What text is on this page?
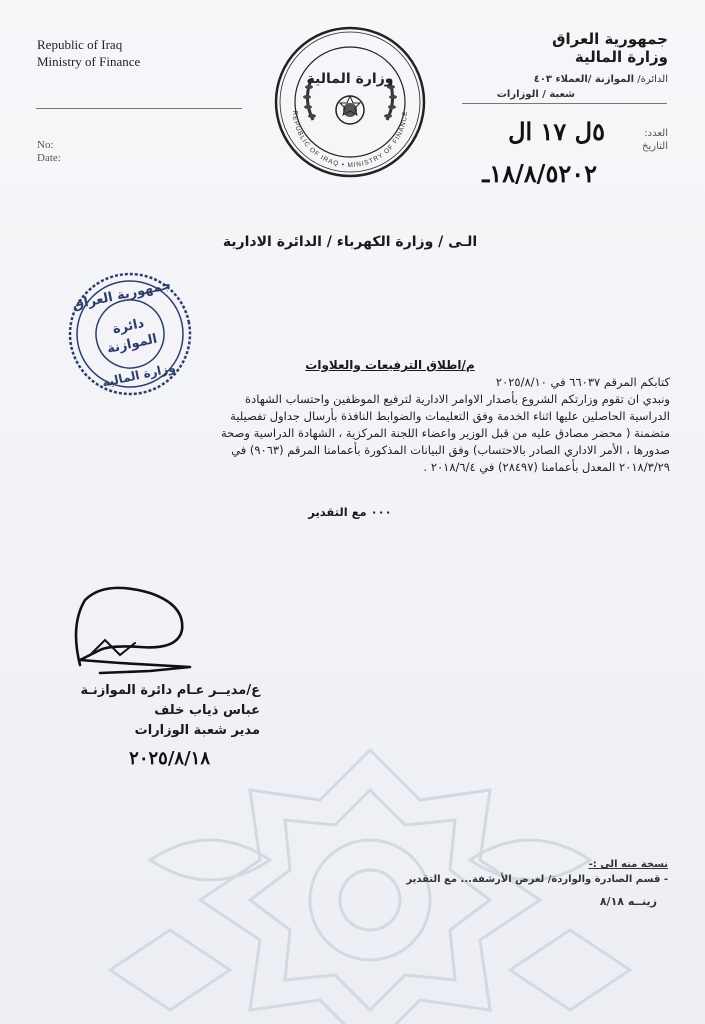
Republic of Iraq
Ministry of Finance
No:
Date:
وزارة المالية
REPUBLIC OF IRAQ • MINISTRY OF FINANCE
جمهورية العراق
وزارة المالية
الدائرة/ الموازنة /العملاء ٤٠٣
شعبة / الوزارات
العدد:
التاريخ
٥ل ١٧ ال
١٨/٨/٥٢٠٢ـ
الـى / وزارة الكهرباء / الدائرة الادارية
جمهورية العراق
دائرة
الموازنة
وزارة المالية	م/اطلاق الترفيعات والعلاوات
كتابكم المرقم ٦٦٠٣٧ في ٢٠٢٥/٨/١٠
ونبدي ان تقوم وزارتكم الشروع بأصدار الاوامر الادارية لترفيع الموظفين واحتساب الشهادة
الدراسية الحاصلين عليها اثناء الخدمة وفق التعليمات والضوابط النافذة بأرسال جداول تفصيلية
متضمنة ( محضر مصادق عليه من قبل الوزير واعضاء اللجنة المركزية ، الشهادة الدراسية وصحة
صدورها ، الأمر الاداري الصادر بالاحتساب) وفق البيانات المذكورة بأعمامنا المرقم (٩٠٦٣) في
٢٠١٨/٣/٢٩ المعدل بأعمامنا (٢٨٤٩٧) في ٢٠١٨/٦/٤ .
٠٠٠ مع التقدير
ع/مديــر عـام دائرة الموازنـة
عباس ذياب خلف
مدير شعبة الوزارات
٢٠٢٥/٨/١٨
نسخة منه الى :-
- قسم الصادرة والواردة/ لغرض الأرشفة... مع التقدير
زينــه ٨/١٨
